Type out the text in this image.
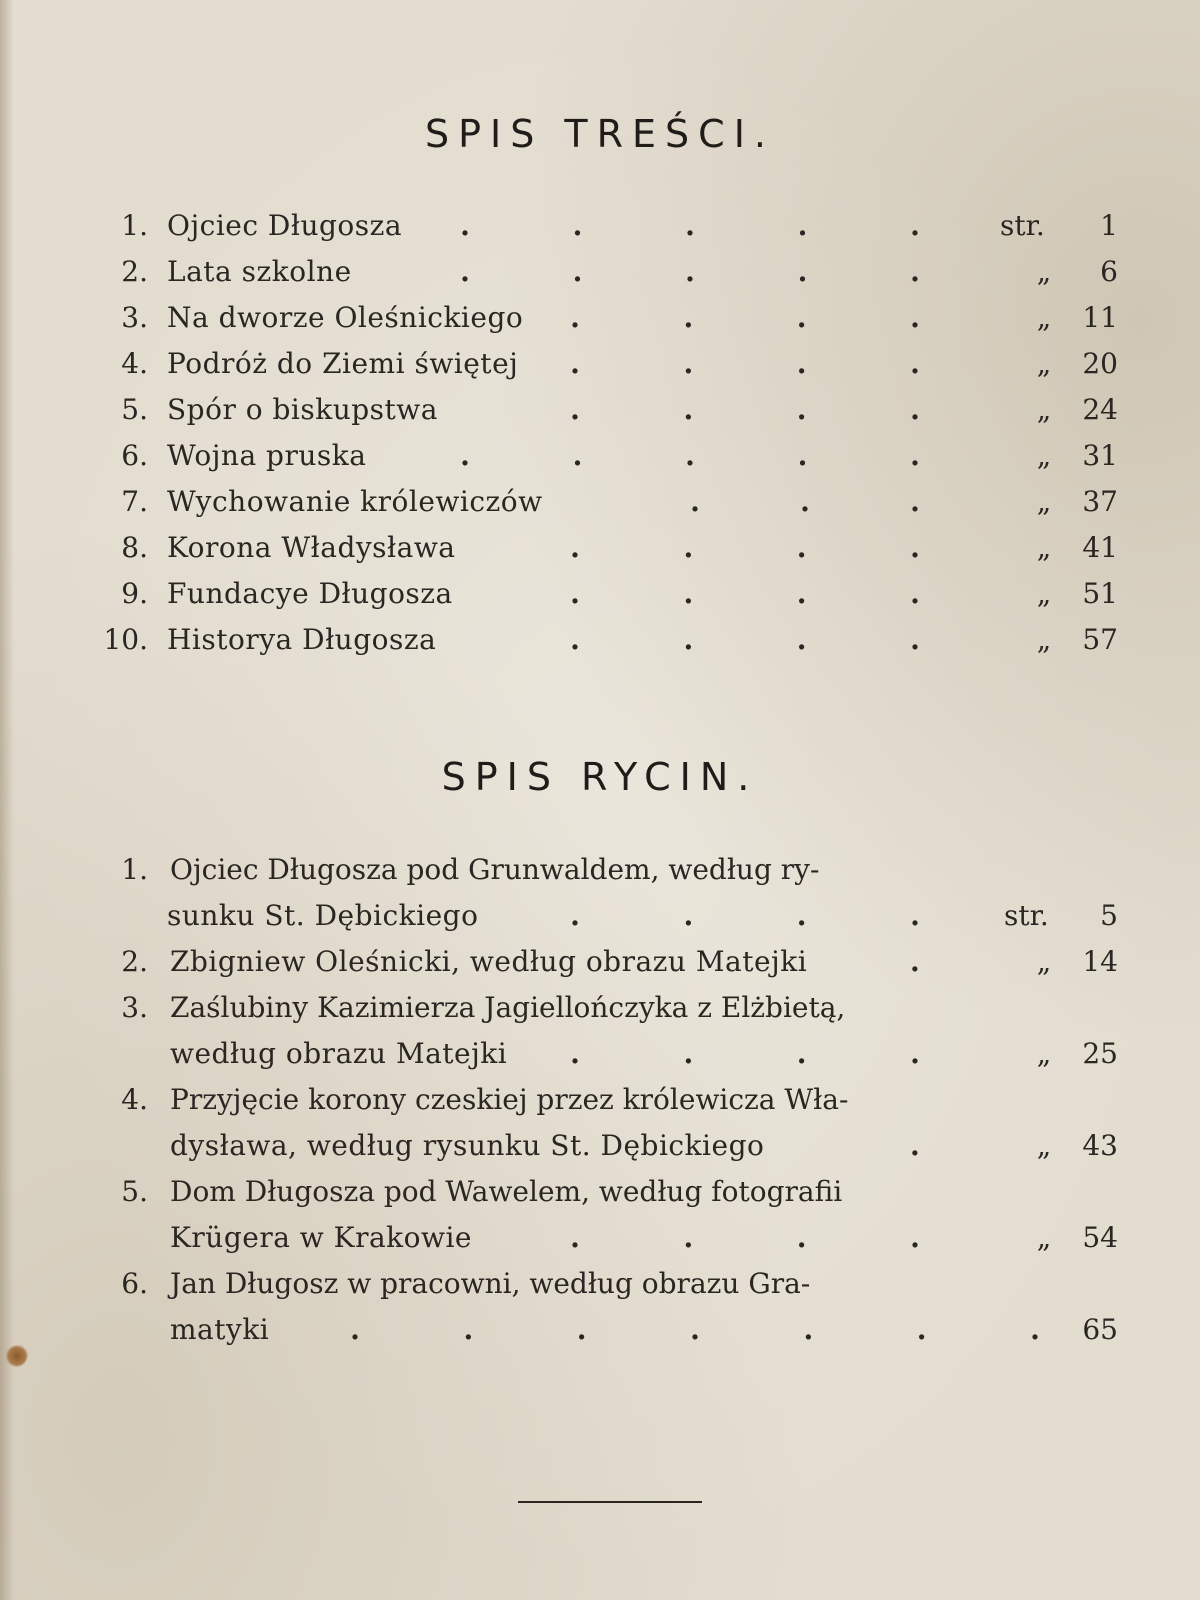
SPIS TREŚCI.
1. Ojciec Długosza .	.	.	.	.	str. 1
2. Lata szkolne	.	.	.	.	.	„	6
3. Na dworze Oleśnickiego .	.	.	.	„	11
4. Podróż do Ziemi świętej .	.	.	.	„	20
5. Spór o biskupstwa	.	.	.	.	„	24
6. Wojna pruska	.	.	.	.	.	„	31
7. Wychowanie królewiczów	.	.	.	„	37
8. Korona Władysława	.	.	.	.	„	41
9. Fundacye Długosza	.	.	.	.	„	51
10. Historya Długosza	.	.	.	.	„	57
SPIS RYCIN.
1. Ojciec Długosza pod Grunwaldem, według ry-
sunku St. Dębickiego	.	.	.	.	str. 5
2. Zbigniew Oleśnicki, według obrazu Matejki	.	„	14
3. Zaślubiny Kazimierza Jagiellończyka z Elżbietą,
według obrazu Matejki .	.	.	.	„	25
4. Przyjęcie korony czeskiej przez królewicza Wła-
dysława, według rysunku St. Dębickiego	.	„	43
5. Dom Długosza pod Wawelem, według fotografii
Krügera w Krakowie	.	.	.	.	„	54
6. Jan Długosz w pracowni, według obrazu Gra-
matyki	.	.	.	.	.	.	. 65
